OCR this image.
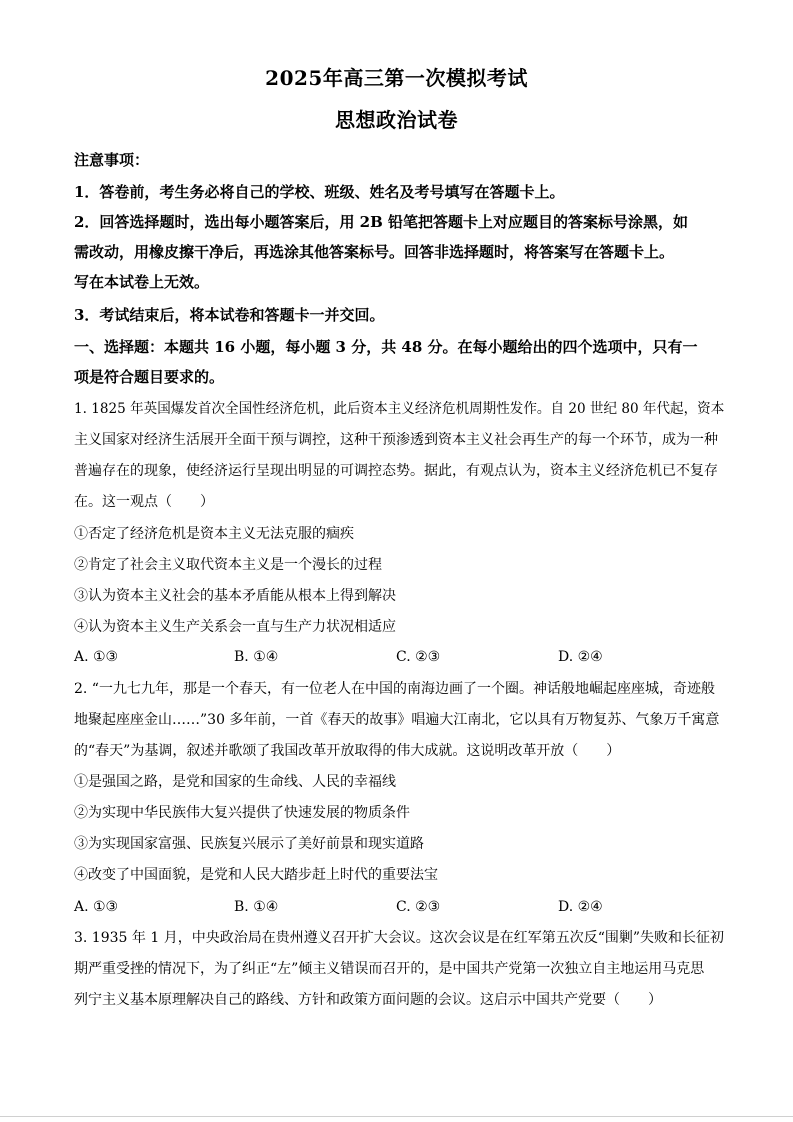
2025年高三第一次模拟考试
思想政治试卷
注意事项：
1．答卷前，考生务必将自己的学校、班级、姓名及考号填写在答题卡上。
2．回答选择题时，选出每小题答案后，用 2B 铅笔把答题卡上对应题目的答案标号涂黑，如
需改动，用橡皮擦干净后，再选涂其他答案标号。回答非选择题时，将答案写在答题卡上。
写在本试卷上无效。
3．考试结束后，将本试卷和答题卡一并交回。
一、选择题：本题共 16 小题，每小题 3 分，共 48 分。在每小题给出的四个选项中，只有一
项是符合题目要求的。
1. 1825 年英国爆发首次全国性经济危机，此后资本主义经济危机周期性发作。自 20 世纪 80 年代起，资本
主义国家对经济生活展开全面干预与调控，这种干预渗透到资本主义社会再生产的每一个环节，成为一种
普遍存在的现象，使经济运行呈现出明显的可调控态势。据此，有观点认为，资本主义经济危机已不复存
在。这一观点（　　）
①否定了经济危机是资本主义无法克服的痼疾
②肯定了社会主义取代资本主义是一个漫长的过程
③认为资本主义社会的基本矛盾能从根本上得到解决
④认为资本主义生产关系会一直与生产力状况相适应
A. ①③	B. ①④	C. ②③	D. ②④
2. “一九七九年，那是一个春天，有一位老人在中国的南海边画了一个圈。神话般地崛起座座城，奇迹般
地聚起座座金山……”30 多年前，一首《春天的故事》唱遍大江南北，它以具有万物复苏、气象万千寓意
的“春天”为基调，叙述并歌颂了我国改革开放取得的伟大成就。这说明改革开放（　　）
①是强国之路，是党和国家的生命线、人民的幸福线
②为实现中华民族伟大复兴提供了快速发展的物质条件
③为实现国家富强、民族复兴展示了美好前景和现实道路
④改变了中国面貌，是党和人民大踏步赶上时代的重要法宝
A. ①③	B. ①④	C. ②③	D. ②④
3. 1935 年 1 月，中央政治局在贵州遵义召开扩大会议。这次会议是在红军第五次反“围剿”失败和长征初
期严重受挫的情况下，为了纠正“左”倾主义错误而召开的，是中国共产党第一次独立自主地运用马克思
列宁主义基本原理解决自己的路线、方针和政策方面问题的会议。这启示中国共产党要（　　）
